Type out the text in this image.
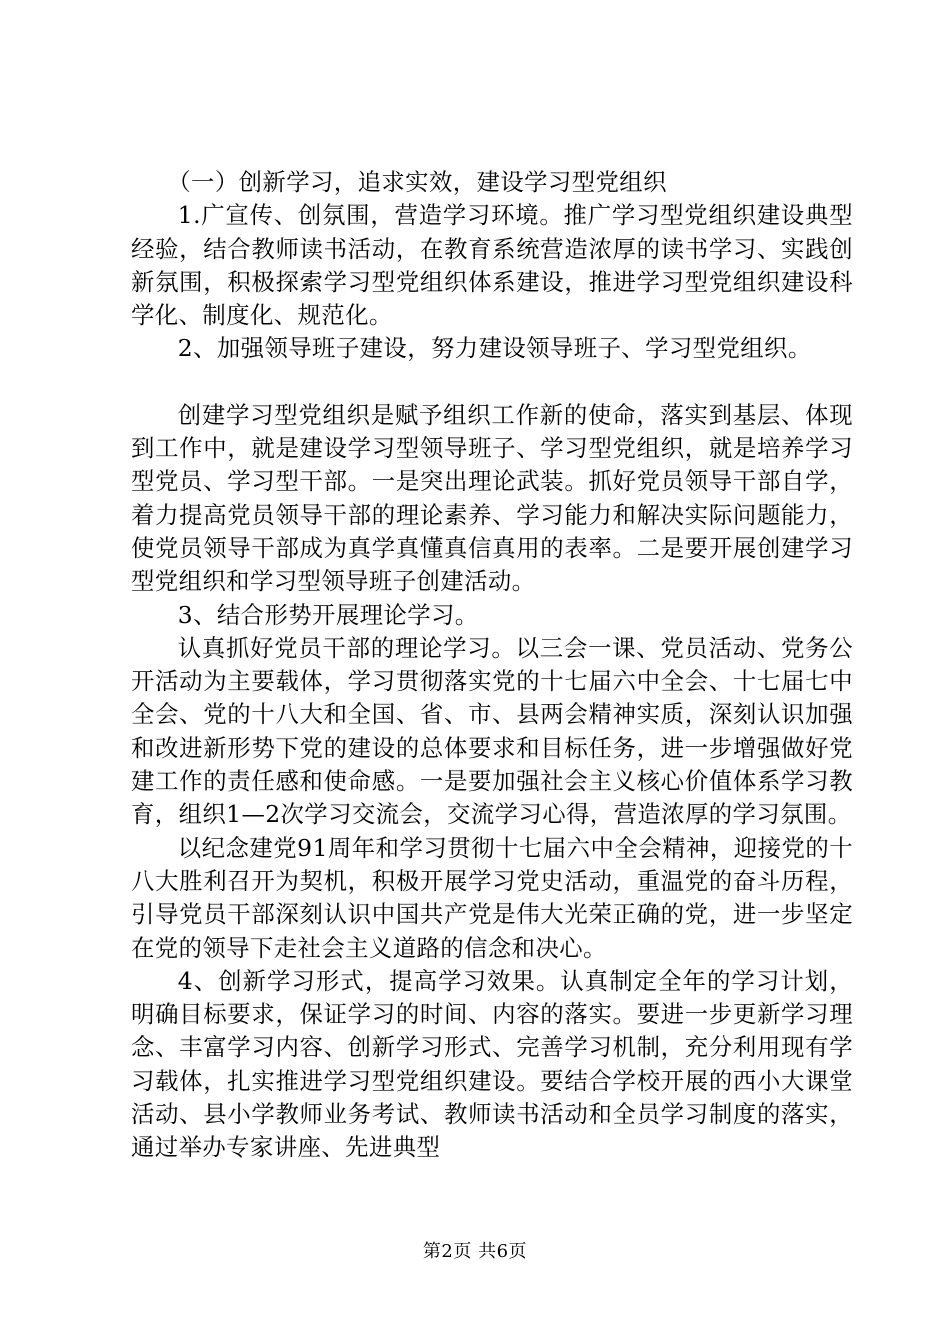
（一）创新学习，追求实效，建设学习型党组织

1.广宣传、创氛围，营造学习环境。推广学习型党组织建设典型经验，结合教师读书活动，在教育系统营造浓厚的读书学习、实践创新氛围，积极探索学习型党组织体系建设，推进学习型党组织建设科学化、制度化、规范化。

2、加强领导班子建设，努力建设领导班子、学习型党组织。

创建学习型党组织是赋予组织工作新的使命，落实到基层、体现到工作中，就是建设学习型领导班子、学习型党组织，就是培养学习型党员、学习型干部。一是突出理论武装。抓好党员领导干部自学，着力提高党员领导干部的理论素养、学习能力和解决实际问题能力，使党员领导干部成为真学真懂真信真用的表率。二是要开展创建学习型党组织和学习型领导班子创建活动。

3、结合形势开展理论学习。

认真抓好党员干部的理论学习。以三会一课、党员活动、党务公开活动为主要载体，学习贯彻落实党的十七届六中全会、十七届七中全会、党的十八大和全国、省、市、县两会精神实质，深刻认识加强和改进新形势下党的建设的总体要求和目标任务，进一步增强做好党建工作的责任感和使命感。一是要加强社会主义核心价值体系学习教育，组织1—2次学习交流会，交流学习心得，营造浓厚的学习氛围。

以纪念建党91周年和学习贯彻十七届六中全会精神，迎接党的十八大胜利召开为契机，积极开展学习党史活动，重温党的奋斗历程，引导党员干部深刻认识中国共产党是伟大光荣正确的党，进一步坚定在党的领导下走社会主义道路的信念和决心。

4、创新学习形式，提高学习效果。认真制定全年的学习计划，明确目标要求，保证学习的时间、内容的落实。要进一步更新学习理念、丰富学习内容、创新学习形式、完善学习机制，充分利用现有学习载体，扎实推进学习型党组织建设。要结合学校开展的西小大课堂活动、县小学教师业务考试、教师读书活动和全员学习制度的落实，通过举办专家讲座、先进典型

第2页 共6页
